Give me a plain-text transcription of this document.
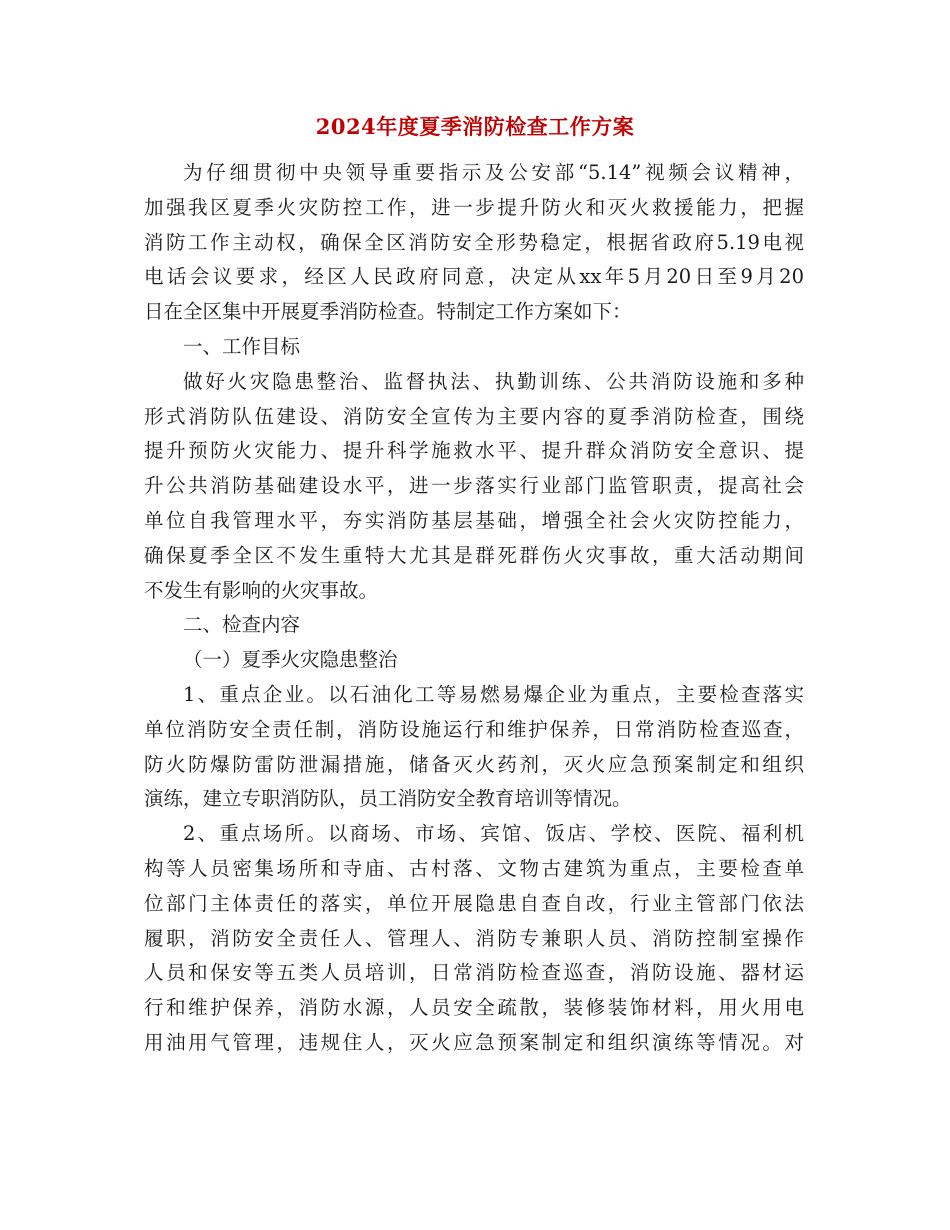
2024年度夏季消防检查工作方案

为仔细贯彻中央领导重要指示及公安部“5.14”视频会议精神，
加强我区夏季火灾防控工作，进一步提升防火和灭火救援能力，把握
消防工作主动权，确保全区消防安全形势稳定，根据省政府5.19电视
电话会议要求，经区人民政府同意，决定从xx年5月20日至9月20
日在全区集中开展夏季消防检查。特制定工作方案如下：

一、工作目标

做好火灾隐患整治、监督执法、执勤训练、公共消防设施和多种
形式消防队伍建设、消防安全宣传为主要内容的夏季消防检查，围绕
提升预防火灾能力、提升科学施救水平、提升群众消防安全意识、提
升公共消防基础建设水平，进一步落实行业部门监管职责，提高社会
单位自我管理水平，夯实消防基层基础，增强全社会火灾防控能力，
确保夏季全区不发生重特大尤其是群死群伤火灾事故，重大活动期间
不发生有影响的火灾事故。

二、检查内容

（一）夏季火灾隐患整治

1、重点企业。以石油化工等易燃易爆企业为重点，主要检查落实
单位消防安全责任制，消防设施运行和维护保养，日常消防检查巡查，
防火防爆防雷防泄漏措施，储备灭火药剂，灭火应急预案制定和组织
演练，建立专职消防队，员工消防安全教育培训等情况。

2、重点场所。以商场、市场、宾馆、饭店、学校、医院、福利机
构等人员密集场所和寺庙、古村落、文物古建筑为重点，主要检查单
位部门主体责任的落实，单位开展隐患自查自改，行业主管部门依法
履职，消防安全责任人、管理人、消防专兼职人员、消防控制室操作
人员和保安等五类人员培训，日常消防检查巡查，消防设施、器材运
行和维护保养，消防水源，人员安全疏散，装修装饰材料，用火用电
用油用气管理，违规住人，灭火应急预案制定和组织演练等情况。对
